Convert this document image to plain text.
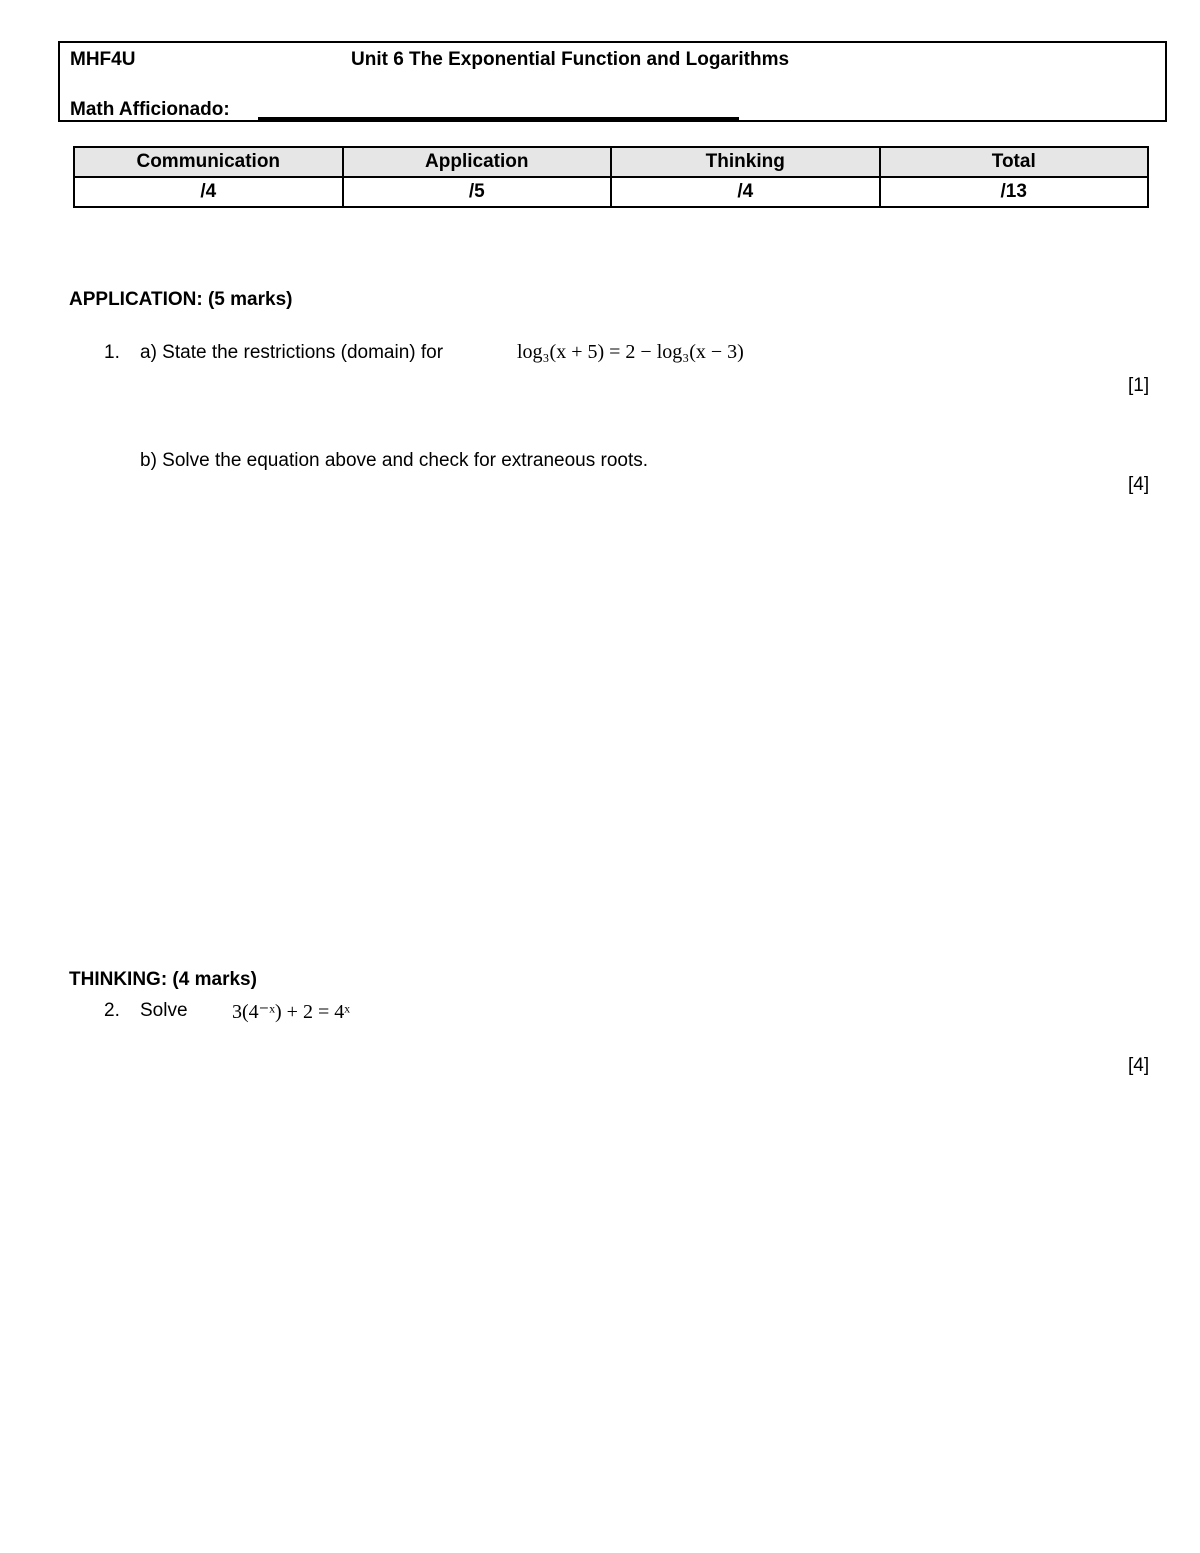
MHF4U	Unit 6 The Exponential Function and Logarithms
Math Afficionado:
Communication	Application	Thinking	Total
/4	/5	/4	/13
APPLICATION: (5 marks)
1. a) State the restrictions (domain) for	log₃(x + 5) = 2 − log₃(x − 3)
[1]
b) Solve the equation above and check for extraneous roots.
[4]
THINKING: (4 marks)
2. Solve 3(4⁻ˣ) + 2 = 4ˣ
[4]
